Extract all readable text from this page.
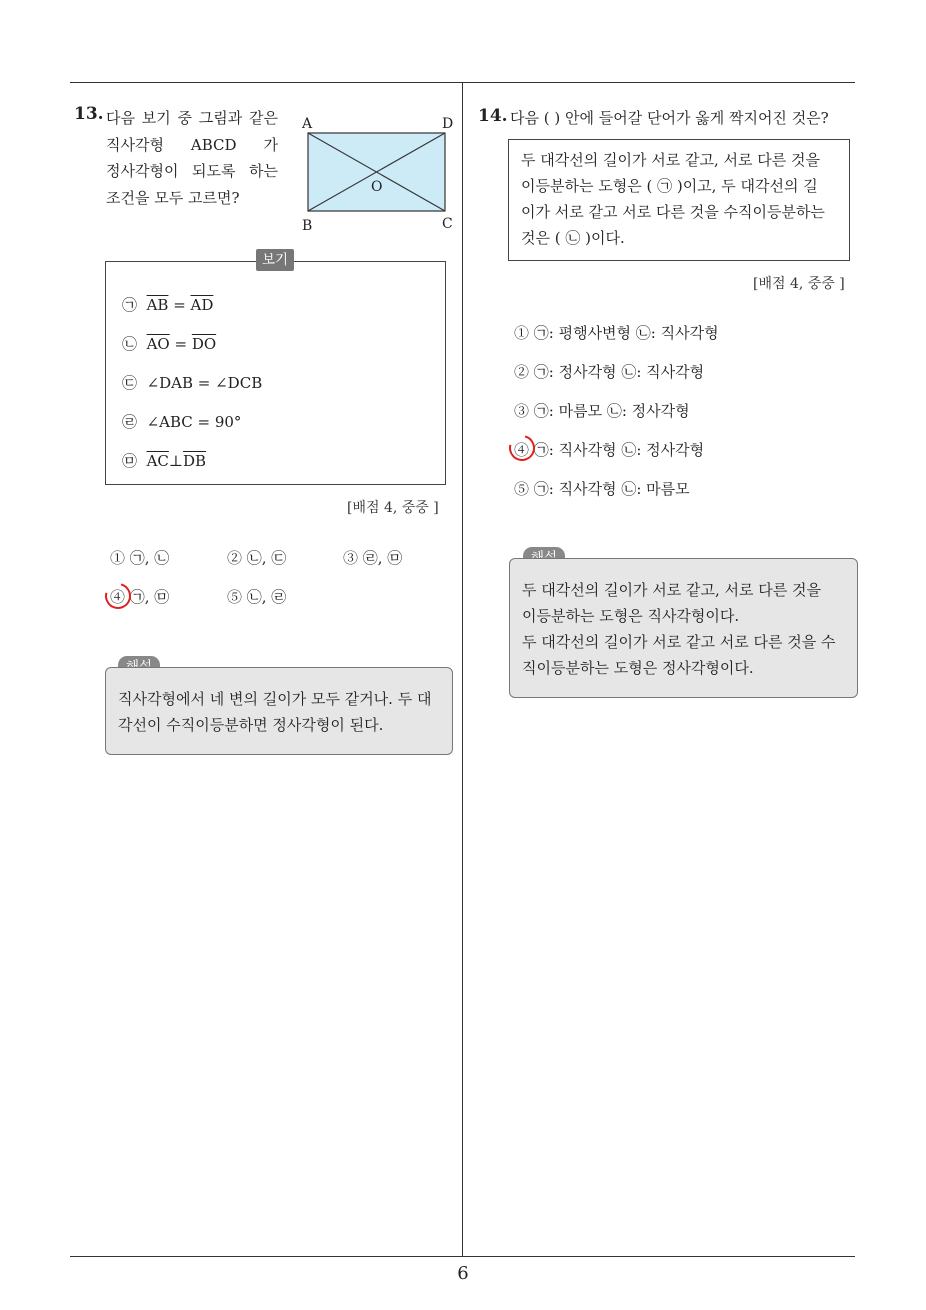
6
13. 다음 보기 중 그림과 같은 직사각형 ABCD 가 정사각형이 되도록 하는 조건을 모두 고르면?
A	D
B	C
O
㉠ $\overline{AB} = \overline{AD}$
㉡ $\overline{AO} = \overline{DO}$
㉢ ∠DAB = ∠DCB
㉣ ∠ABC = 90°
㉤ $\overline{AC}\perp\overline{DB}$
보기
[배점 4, 중중 ]
① ㉠, ㉡	② ㉡, ㉢	③ ㉣, ㉤
④ ㉠, ㉤	⑤ ㉡, ㉣
직사각형에서 네 변의 길이가 모두 같거나. 두 대
각선이 수직이등분하면 정사각형이 된다.
14. 다음 ( ) 안에 들어갈 단어가 옳게 짝지어진 것은?
두 대각선의 길이가 서로 같고, 서로 다른 것을
이등분하는 도형은 ( ㉠ )이고, 두 대각선의 길
이가 서로 같고 서로 다른 것을 수직이등분하는
것은 ( ㉡ )이다.
[배점 4, 중중 ]
① ㉠: 평행사변형 ㉡: 직사각형
② ㉠: 정사각형 ㉡: 직사각형
③ ㉠: 마름모 ㉡: 정사각형
④ ㉠: 직사각형 ㉡: 정사각형
⑤ ㉠: 직사각형 ㉡: 마름모
두 대각선의 길이가 서로 같고, 서로 다른 것을
이등분하는 도형은 직사각형이다.
두 대각선의 길이가 서로 같고 서로 다른 것을 수
직이등분하는 도형은 정사각형이다.
